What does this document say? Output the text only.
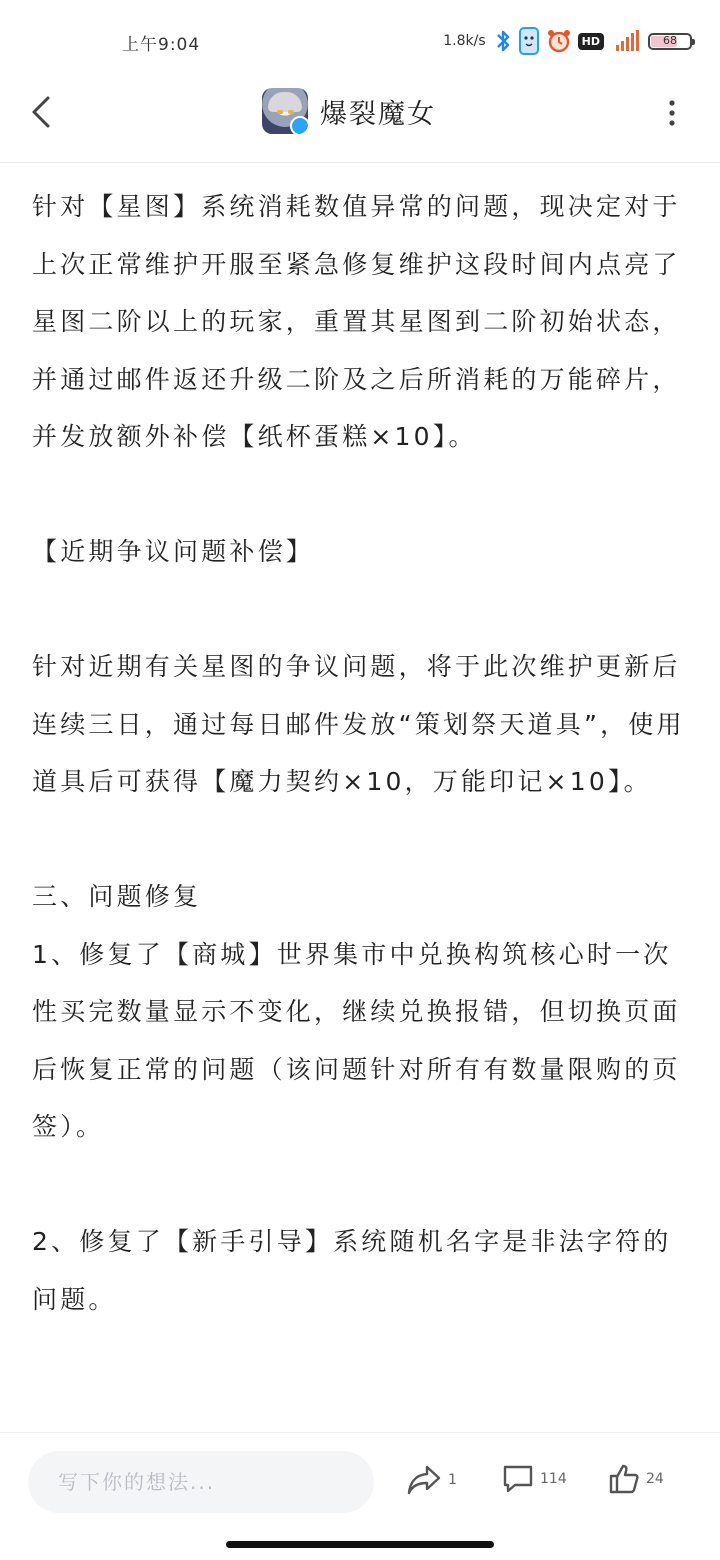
上午9:04	1.8k/s	HD	68
爆裂魔女

针对【星图】系统消耗数值异常的问题，现决定对于上次正常维护开服至紧急修复维护这段时间内点亮了星图二阶以上的玩家，重置其星图到二阶初始状态，并通过邮件返还升级二阶及之后所消耗的万能碎片，并发放额外补偿【纸杯蛋糕×10】。

【近期争议问题补偿】

针对近期有关星图的争议问题，将于此次维护更新后连续三日，通过每日邮件发放“策划祭天道具”，使用道具后可获得【魔力契约×10，万能印记×10】。

三、问题修复

1、修复了【商城】世界集市中兑换构筑核心时一次性买完数量显示不变化，继续兑换报错，但切换页面后恢复正常的问题（该问题针对所有有数量限购的页签）。

2、修复了【新手引导】系统随机名字是非法字符的问题。

写下你的想法...
1	114	24
